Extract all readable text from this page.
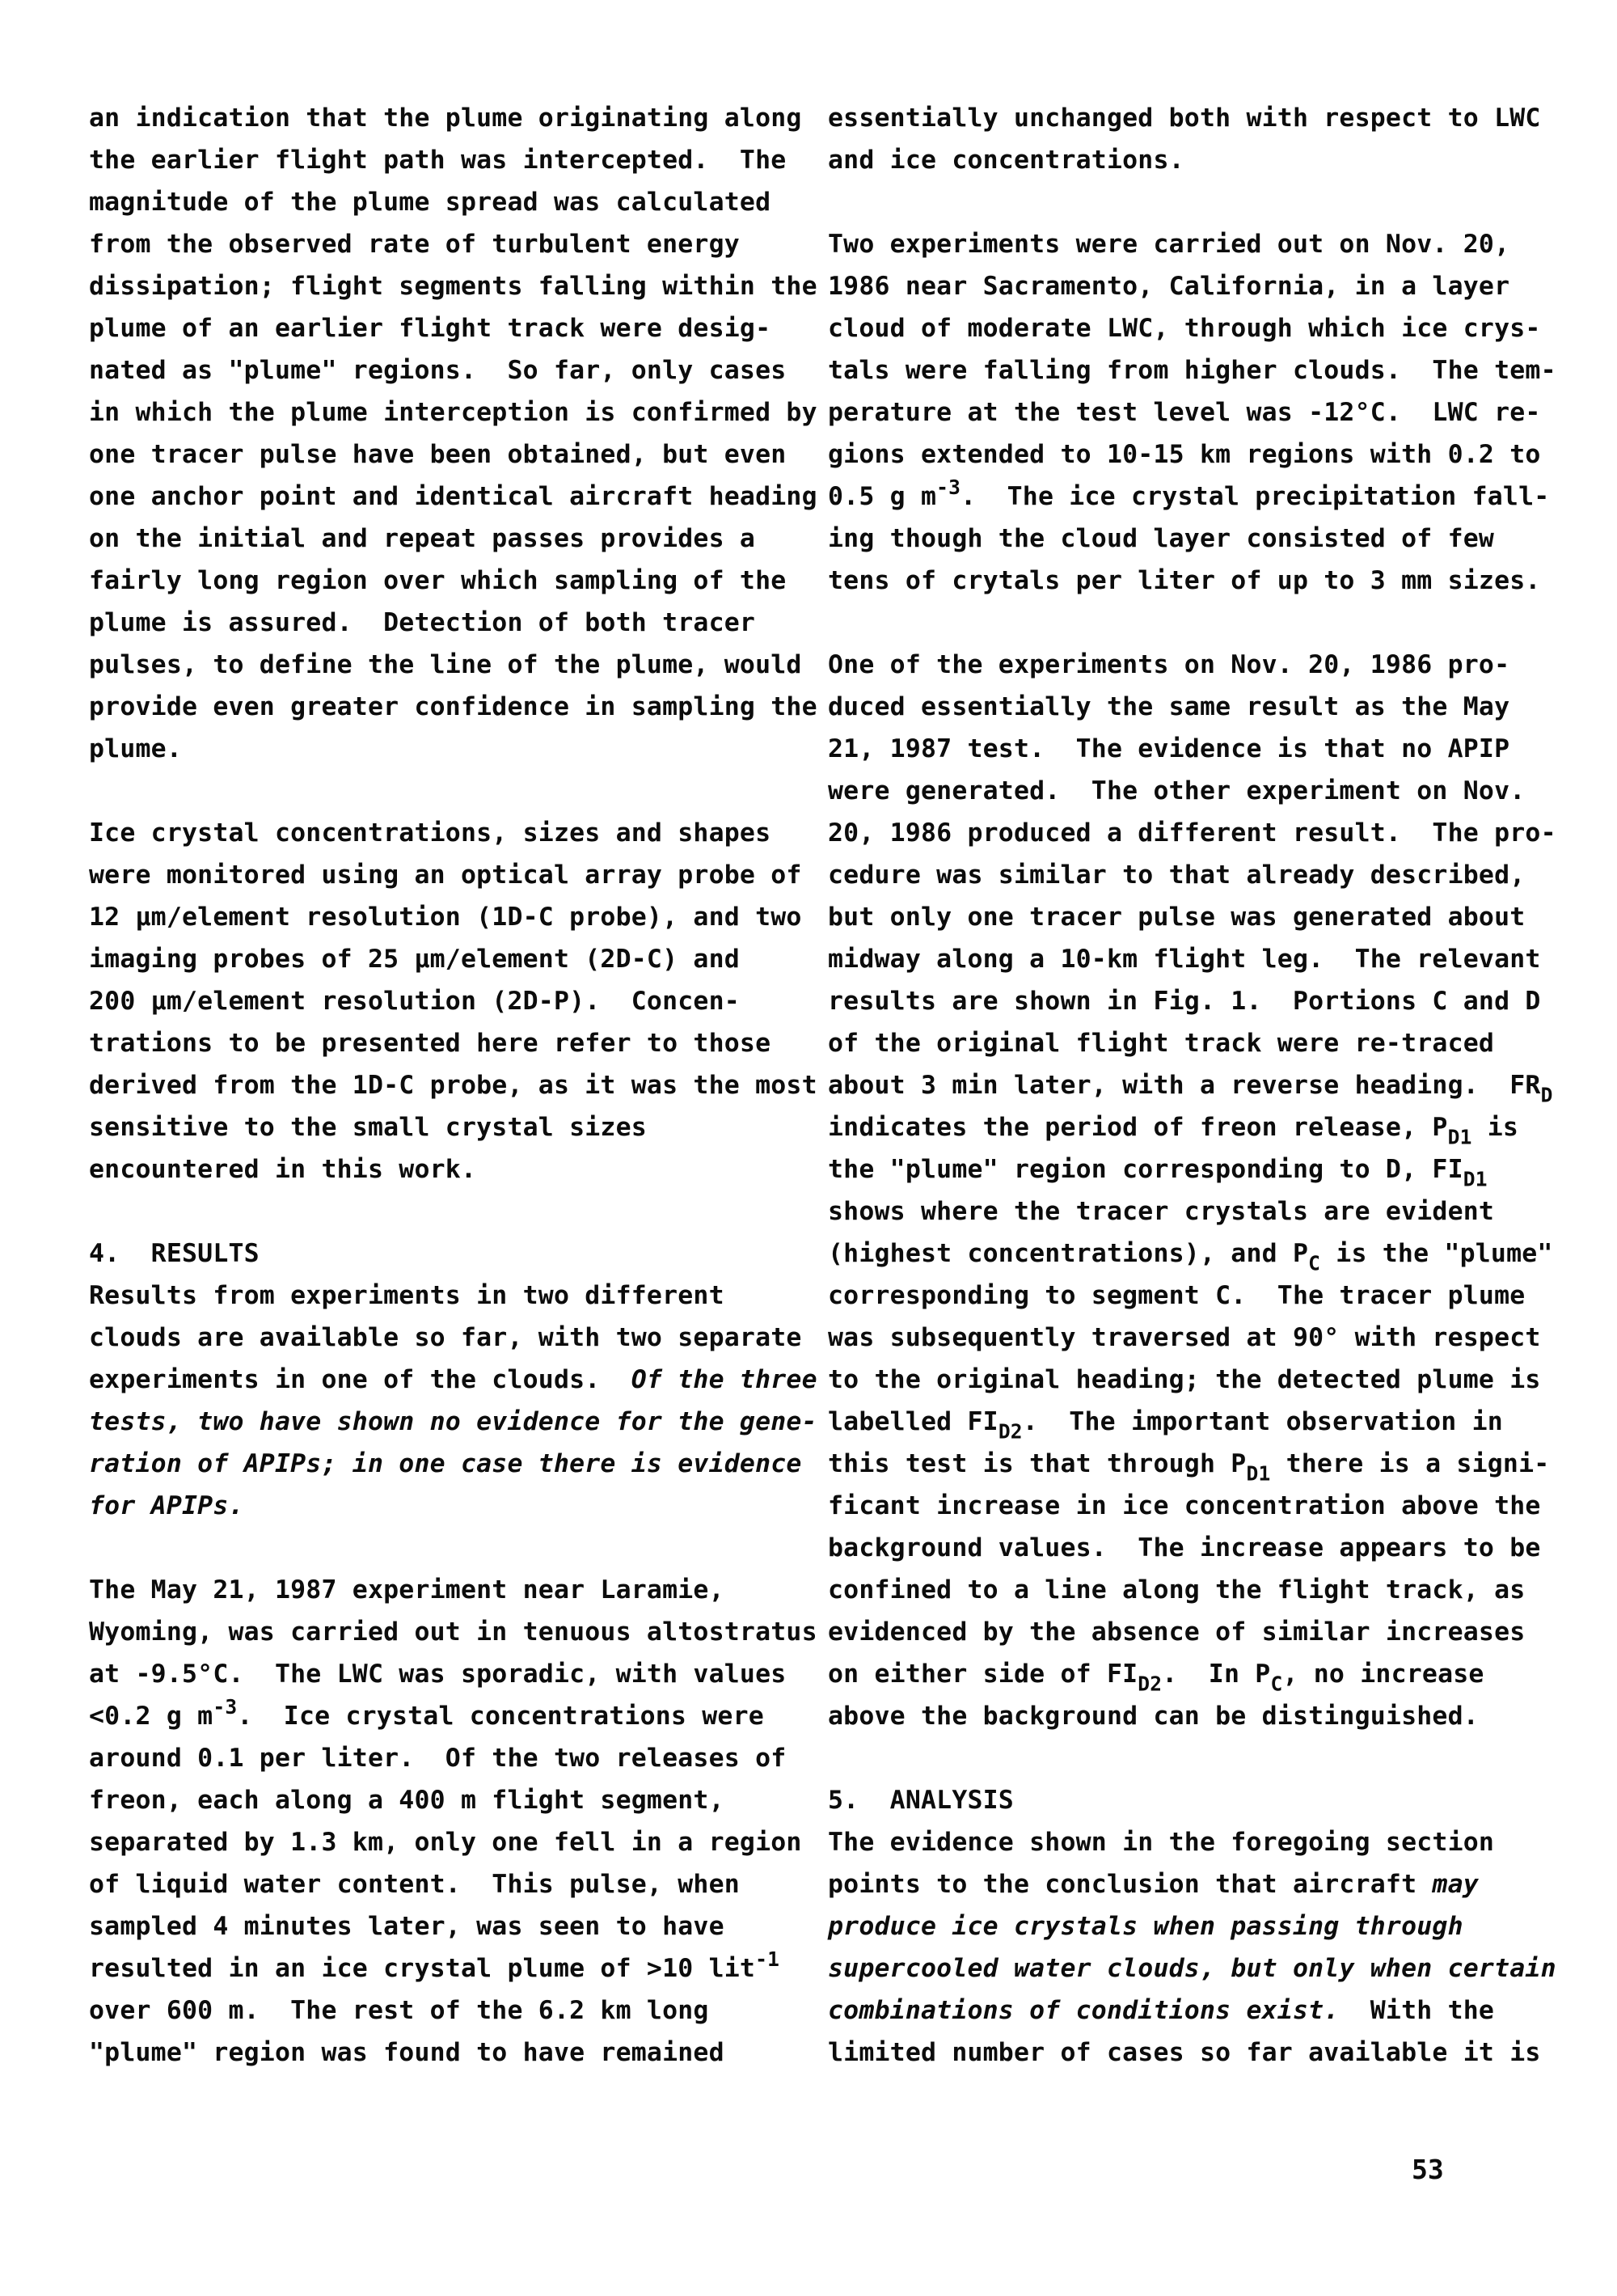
an indication that the plume originating along
the earlier flight path was intercepted.  The
magnitude of the plume spread was calculated
from the observed rate of turbulent energy
dissipation; flight segments falling within the
plume of an earlier flight track were desig-
nated as "plume" regions.  So far, only cases
in which the plume interception is confirmed by
one tracer pulse have been obtained, but even
one anchor point and identical aircraft heading
on the initial and repeat passes provides a
fairly long region over which sampling of the
plume is assured.  Detection of both tracer
pulses, to define the line of the plume, would
provide even greater confidence in sampling the
plume.
Ice crystal concentrations, sizes and shapes
were monitored using an optical array probe of
12 μm/element resolution (1D-C probe), and two
imaging probes of 25 μm/element (2D-C) and
200 μm/element resolution (2D-P).  Concen-
trations to be presented here refer to those
derived from the 1D-C probe, as it was the most
sensitive to the small crystal sizes
encountered in this work.
4.  RESULTS
Results from experiments in two different
clouds are available so far, with two separate
experiments in one of the clouds.  Of the three
tests, two have shown no evidence for the gene-
ration of APIPs; in one case there is evidence
for APIPs.
The May 21, 1987 experiment near Laramie,
Wyoming, was carried out in tenuous altostratus
at -9.5°C.  The LWC was sporadic, with values
<0.2 g $m^{-3}$.  Ice crystal concentrations were
around 0.1 per liter.  Of the two releases of
freon, each along a 400 m flight segment,
separated by 1.3 km, only one fell in a region
of liquid water content.  This pulse, when
sampled 4 minutes later, was seen to have
resulted in an ice crystal plume of >10 lit$^{-1}$
over 600 m.  The rest of the 6.2 km long
"plume" region was found to have remained
essentially unchanged both with respect to LWC
and ice concentrations.
Two experiments were carried out on Nov. 20,
1986 near Sacramento, California, in a layer
cloud of moderate LWC, through which ice crys-
tals were falling from higher clouds.  The tem-
perature at the test level was -12°C.  LWC re-
gions extended to 10-15 km regions with 0.2 to
0.5 g $m^{-3}$.  The ice crystal precipitation fall-
ing though the cloud layer consisted of few
tens of crytals per liter of up to 3 mm sizes.
One of the experiments on Nov. 20, 1986 pro-
duced essentially the same result as the May
21, 1987 test.  The evidence is that no APIP
were generated.  The other experiment on Nov.
20, 1986 produced a different result.  The pro-
cedure was similar to that already described,
but only one tracer pulse was generated about
midway along a 10-km flight leg.  The relevant
results are shown in Fig. 1.  Portions C and D
of the original flight track were re-traced
about 3 min later, with a reverse heading.  $FR_D$
indicates the period of freon release, $P_{D1}$ is
the "plume" region corresponding to D, $FI_{D1}$
shows where the tracer crystals are evident
(highest concentrations), and $P_C$ is the "plume"
corresponding to segment C.  The tracer plume
was subsequently traversed at 90° with respect
to the original heading; the detected plume is
labelled $FI_{D2}$.  The important observation in
this test is that through $P_{D1}$ there is a signi-
ficant increase in ice concentration above the
background values.  The increase appears to be
confined to a line along the flight track, as
evidenced by the absence of similar increases
on either side of $FI_{D2}$.  In $P_C$, no increase
above the background can be distinguished.
5.  ANALYSIS
The evidence shown in the foregoing section
points to the conclusion that aircraft may
produce ice crystals when passing through
supercooled water clouds, but only when certain
combinations of conditions exist.  With the
limited number of cases so far available it is
53
